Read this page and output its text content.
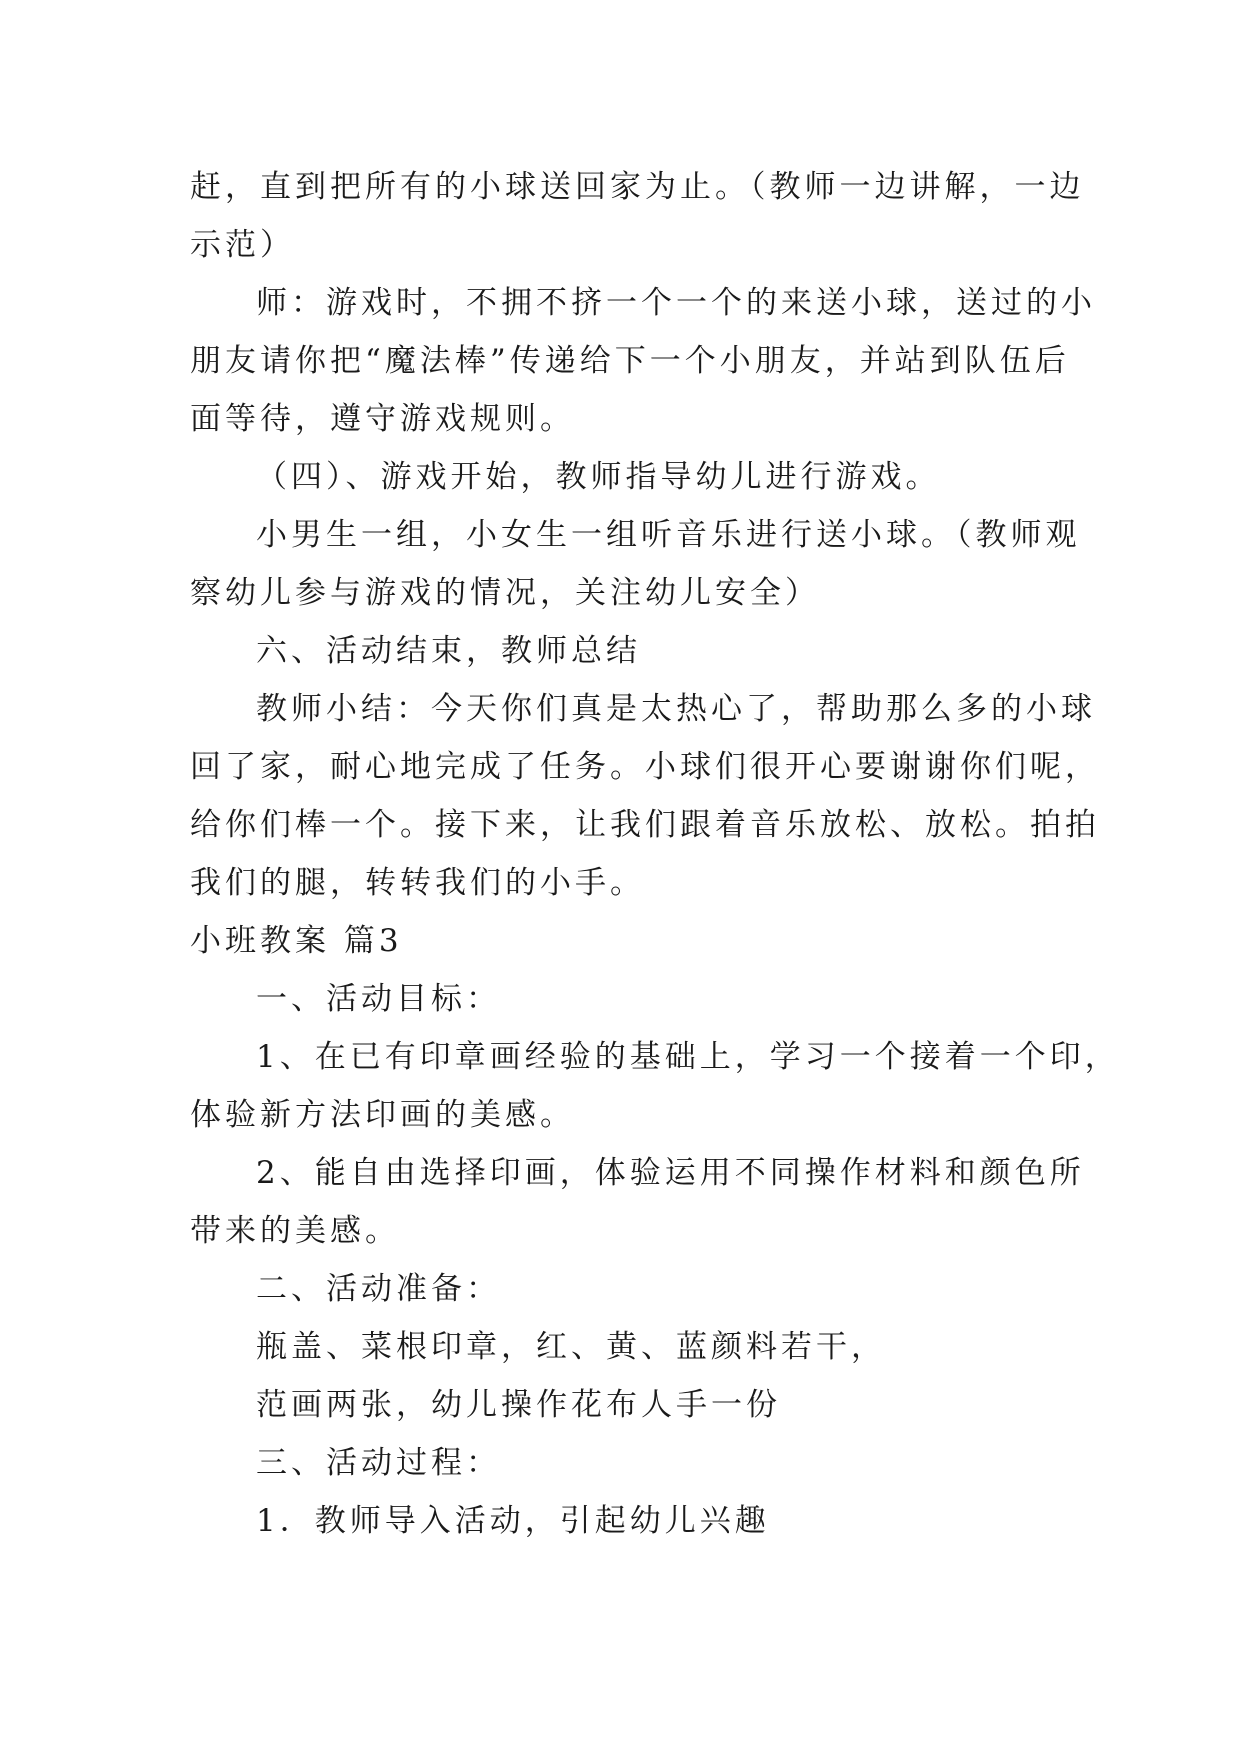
赶，直到把所有的小球送回家为止。（教师一边讲解，一边

示范）

师：游戏时，不拥不挤一个一个的来送小球，送过的小

朋友请你把“魔法棒”传递给下一个小朋友，并站到队伍后

面等待，遵守游戏规则。

（四）、游戏开始，教师指导幼儿进行游戏。

小男生一组，小女生一组听音乐进行送小球。（教师观

察幼儿参与游戏的情况，关注幼儿安全）

六、活动结束，教师总结

教师小结：今天你们真是太热心了，帮助那么多的小球

回了家，耐心地完成了任务。小球们很开心要谢谢你们呢，

给你们棒一个。接下来，让我们跟着音乐放松、放松。拍拍

我们的腿，转转我们的小手。

小班教案 篇3

一、活动目标：

1、在已有印章画经验的基础上，学习一个接着一个印，

体验新方法印画的美感。

2、能自由选择印画，体验运用不同操作材料和颜色所

带来的美感。

二、活动准备：

瓶盖、菜根印章，红、黄、蓝颜料若干，

范画两张，幼儿操作花布人手一份

三、活动过程：

1．教师导入活动，引起幼儿兴趣
